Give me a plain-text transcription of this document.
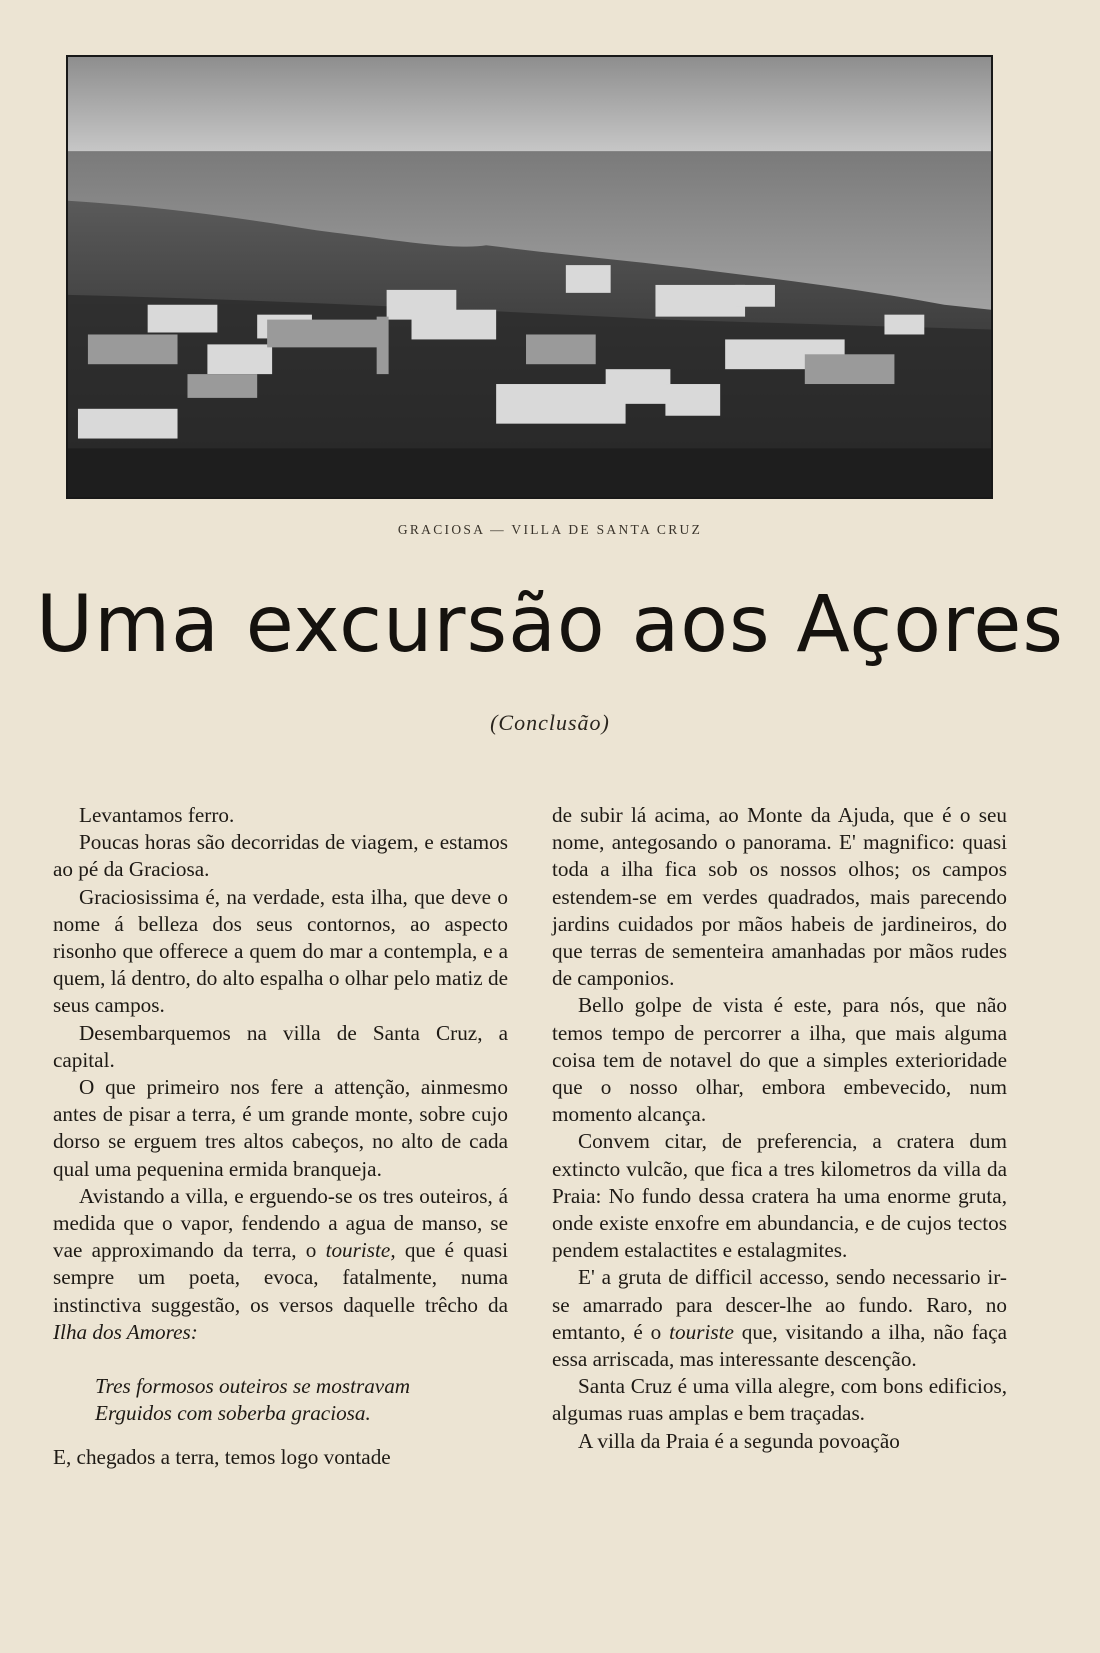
GRACIOSA — VILLA DE SANTA CRUZ
Uma excursão aos Açores
(Conclusão)

Levantamos ferro.

Poucas horas são decorridas de viagem, e estamos ao pé da Graciosa.

Graciosissima é, na verdade, esta ilha, que deve o nome á belleza dos seus contornos, ao aspecto risonho que offerece a quem do mar a contempla, e a quem, lá dentro, do alto espalha o olhar pelo matiz de seus campos.

Desembarquemos na villa de Santa Cruz, a capital.

O que primeiro nos fere a attenção, ainmesmo antes de pisar a terra, é um grande monte, sobre cujo dorso se erguem tres altos cabeços, no alto de cada qual uma pequenina ermida branqueja.

Avistando a villa, e erguendo-se os tres outeiros, á medida que o vapor, fendendo a agua de manso, se vae approximando da terra, o touriste, que é quasi sempre um poeta, evoca, fatalmente, numa instinctiva suggestão, os versos daquelle trêcho da Ilha dos Amores:

Tres formosos outeiros se mostravam
Erguidos com soberba graciosa.

E, chegados a terra, temos logo vontade

de subir lá acima, ao Monte da Ajuda, que é o seu nome, antegosando o panorama. E' magnifico: quasi toda a ilha fica sob os nossos olhos; os campos estendem-se em verdes quadrados, mais parecendo jardins cuidados por mãos habeis de jardineiros, do que terras de sementeira amanhadas por mãos rudes de camponios.

Bello golpe de vista é este, para nós, que não temos tempo de percorrer a ilha, que mais alguma coisa tem de notavel do que a simples exterioridade que o nosso olhar, embora embevecido, num momento alcança.

Convem citar, de preferencia, a cratera dum extincto vulcão, que fica a tres kilometros da villa da Praia: No fundo dessa cratera ha uma enorme gruta, onde existe enxofre em abundancia, e de cujos tectos pendem estalactites e estalagmites.

E' a gruta de difficil accesso, sendo necessario ir-se amarrado para descer-lhe ao fundo. Raro, no emtanto, é o touriste que, visitando a ilha, não faça essa arriscada, mas interessante descenção.

Santa Cruz é uma villa alegre, com bons edificios, algumas ruas amplas e bem traçadas.

A villa da Praia é a segunda povoação
